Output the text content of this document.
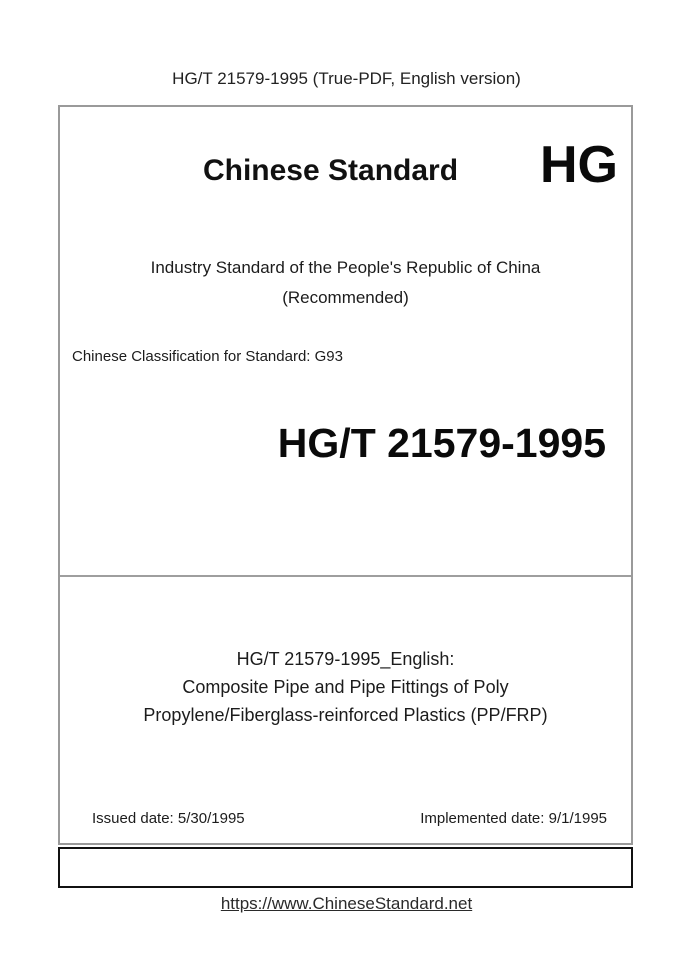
HG/T 21579-1995 (True-PDF, English version)
Chinese Standard	HG
Industry Standard of the People's Republic of China
(Recommended)
Chinese Classification for Standard: G93
HG/T 21579-1995
HG/T 21579-1995_English:
Composite Pipe and Pipe Fittings of Poly
Propylene/Fiberglass-reinforced Plastics (PP/FRP)
Issued date: 5/30/1995	Implemented date: 9/1/1995
https://www.ChineseStandard.net
